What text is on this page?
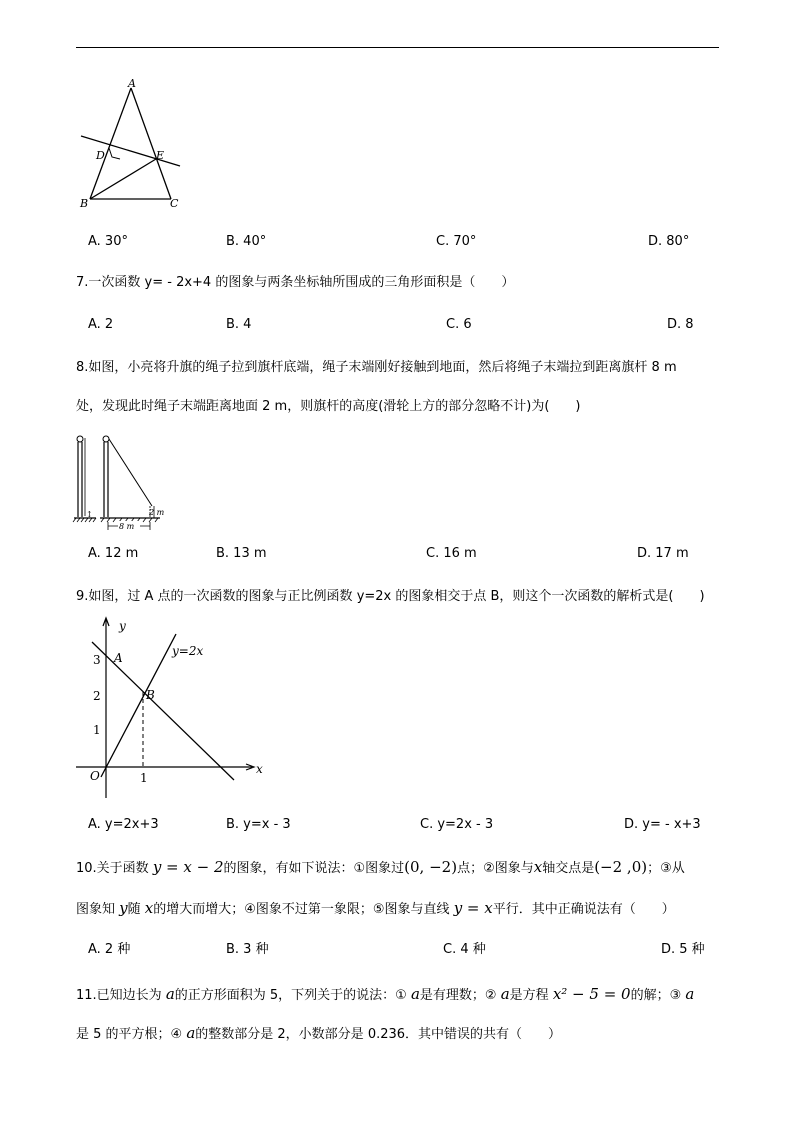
A
B	C
D	E
A. 30°	B. 40°	C. 70°	D. 80°
7.一次函数 y= - 2x+4 的图象与两条坐标轴所围成的三角形面积是（　　）
A. 2	B. 4	C. 6	D. 8
8.如图，小亮将升旗的绳子拉到旗杆底端，绳子末端刚好接触到地面，然后将绳子末端拉到距离旗杆 8 m
处，发现此时绳子末端距离地面 2 m，则旗杆的高度(滑轮上方的部分忽略不计)为(　　)
↕
8 m
2 m
A. 12 m	B. 13 m	C. 16 m	D. 17 m
9.如图，过 A 点的一次函数的图象与正比例函数 y=2x 的图象相交于点 B，则这个一次函数的解析式是(　　)
y
x
O
y=2x
A
B
3
2
1
1
A. y=2x+3	B. y=x - 3	C. y=2x - 3	D. y= - x+3
10.关于函数 y = x − 2的图象，有如下说法：①图象过(0, −2)点；②图象与x轴交点是(−2 ,0)；③从
图象知 y随 x的增大而增大；④图象不过第一象限；⑤图象与直线 y = x平行．其中正确说法有（　　）
A. 2 种	B. 3 种	C. 4 种	D. 5 种
11.已知边长为 a的正方形面积为 5，下列关于的说法：① a是有理数；② a是方程 x² − 5 = 0的解；③ a
是 5 的平方根；④ a的整数部分是 2，小数部分是 0.236．其中错误的共有（　　）
